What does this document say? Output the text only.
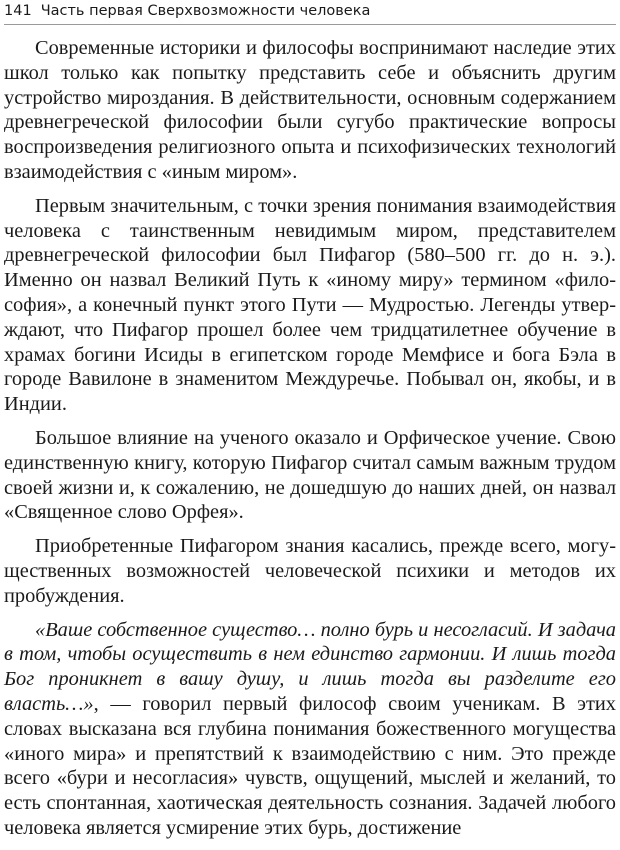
141 Часть первая Сверхвозможности человека

Современные историки и философы воспринимают наследие этих школ только как попытку представить себе и объяснить другим устройство мироздания. В действительности, основным содержанием древнегреческой философии были сугубо практические вопросы воспроизведения религиозного опыта и психофизических технологий взаимодействия с «иным миром».

Первым значительным, с точки зрения понимания взаимодействия человека с таинственным невидимым миром, представителем древнегреческой философии был Пифагор (580–500 гг. до н. э.). Именно он назвал Великий Путь к «иному миру» термином «философия», а конечный пункт этого Пути — Мудростью. Легенды утверждают, что Пифагор прошел более чем тридцатилетнее обучение в храмах богини Исиды в египетском городе Мемфисе и бога Бэла в городе Вавилоне в знаменитом Междуречье. Побывал он, якобы, и в Индии.

Большое влияние на ученого оказало и Орфическое учение. Свою единственную книгу, которую Пифагор считал самым важным трудом своей жизни и, к сожалению, не дошедшую до наших дней, он назвал «Священное слово Орфея».

Приобретенные Пифагором знания касались, прежде всего, могущественных возможностей человеческой психики и методов их пробуждения.

«Ваше собственное существо… полно бурь и несогласий. И задача в том, чтобы осуществить в нем единство гармонии. И лишь тогда Бог проникнет в вашу душу, и лишь тогда вы разделите его власть…», — говорил первый философ своим ученикам. В этих словах высказана вся глубина понимания божественного могущества «иного мира» и препятствий к взаимодействию с ним. Это прежде всего «бури и несогласия» чувств, ощущений, мыслей и желаний, то есть спонтанная, хаотическая деятельность сознания. Задачей любого человека является усмирение этих бурь, достижение
